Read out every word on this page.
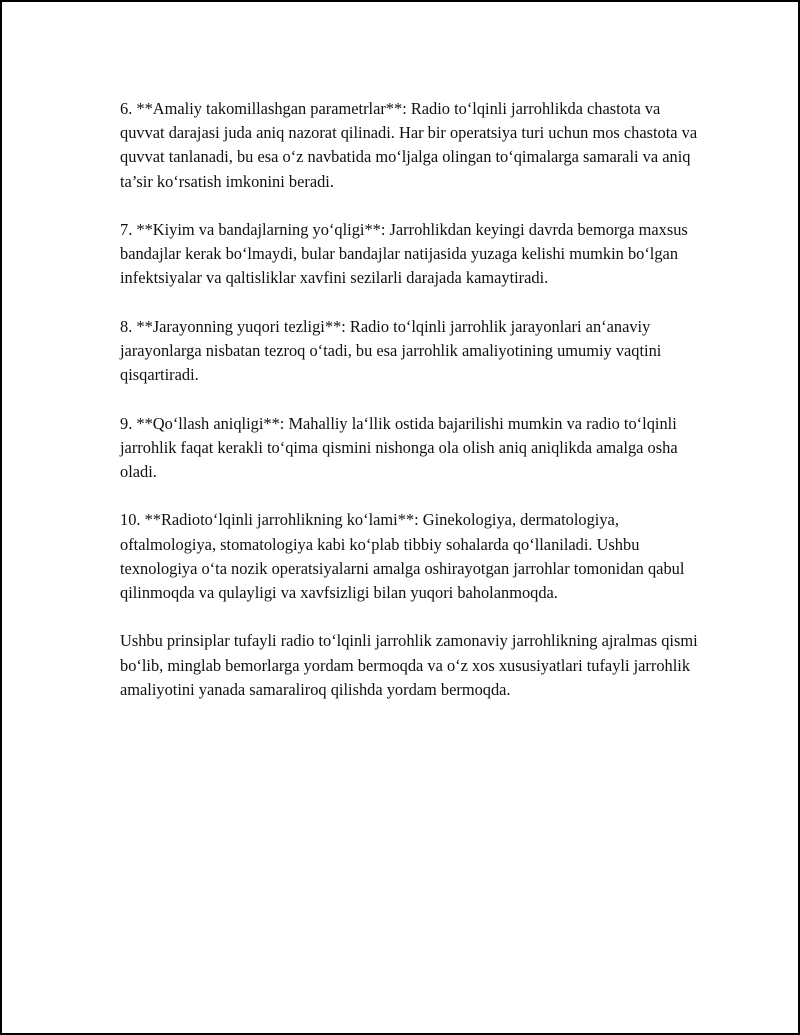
6. **Amaliy takomillashgan parametrlar**: Radio to‘lqinli jarrohlikda chastota va quvvat darajasi juda aniq nazorat qilinadi. Har bir operatsiya turi uchun mos chastota va quvvat tanlanadi, bu esa o‘z navbatida mo‘ljalga olingan to‘qimalarga samarali va aniq ta’sir ko‘rsatish imkonini beradi.

7. **Kiyim va bandajlarning yo‘qligi**: Jarrohlikdan keyingi davrda bemorga maxsus bandajlar kerak bo‘lmaydi, bular bandajlar natijasida yuzaga kelishi mumkin bo‘lgan infektsiyalar va qaltisliklar xavfini sezilarli darajada kamaytiradi.

8. **Jarayonning yuqori tezligi**: Radio to‘lqinli jarrohlik jarayonlari an‘anaviy jarayonlarga nisbatan tezroq o‘tadi, bu esa jarrohlik amaliyotining umumiy vaqtini qisqartiradi.

9. **Qo‘llash aniqligi**: Mahalliy la‘llik ostida bajarilishi mumkin va radio to‘lqinli jarrohlik faqat kerakli to‘qima qismini nishonga ola olish aniq aniqlikda amalga osha oladi.

10. **Radioto‘lqinli jarrohlikning ko‘lami**: Ginekologiya, dermatologiya, oftalmologiya, stomatologiya kabi ko‘plab tibbiy sohalarda qo‘llaniladi. Ushbu texnologiya o‘ta nozik operatsiyalarni amalga oshirayotgan jarrohlar tomonidan qabul qilinmoqda va qulayligi va xavfsizligi bilan yuqori baholanmoqda.

Ushbu prinsiplar tufayli radio to‘lqinli jarrohlik zamonaviy jarrohlikning ajralmas qismi bo‘lib, minglab bemorlarga yordam bermoqda va o‘z xos xususiyatlari tufayli jarrohlik amaliyotini yanada samaraliroq qilishda yordam bermoqda.
